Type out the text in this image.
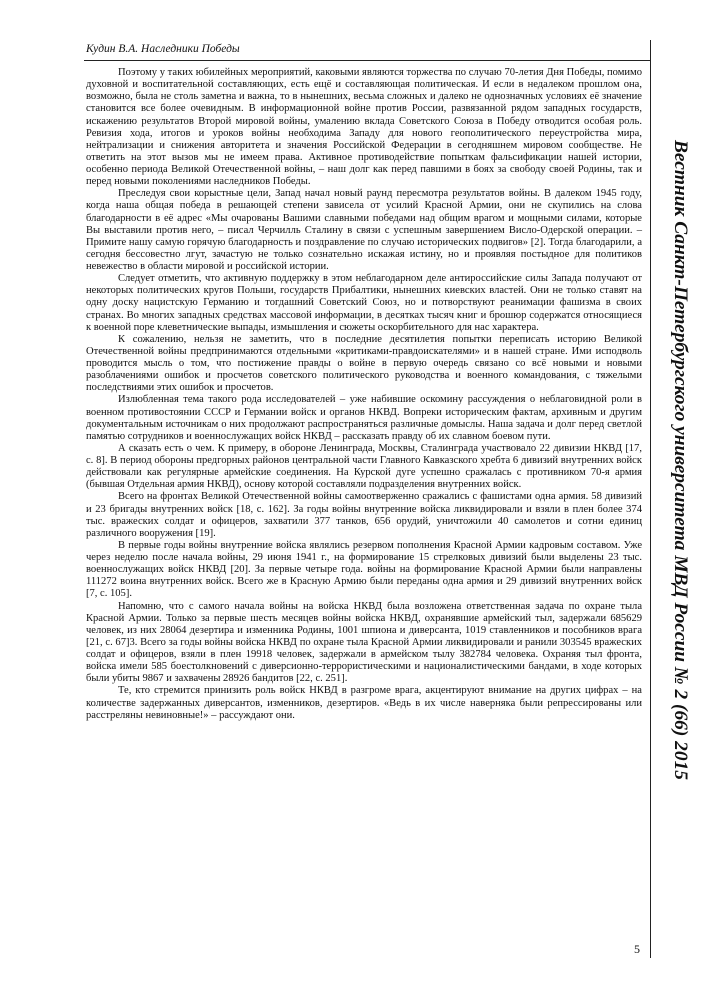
Кудин В.А. Наследники Победы
Вестник Санкт-Петербургского университета МВД России № 2 (66) 2015

Поэтому у таких юбилейных мероприятий, каковыми являются торжества по случаю 70-летия Дня Победы, помимо духовной и воспитательной составляющих, есть ещё и составляющая политическая. И если в недалеком прошлом она, возможно, была не столь заметна и важна, то в нынешних, весьма сложных и далеко не однозначных условиях её значение становится все более очевидным. В информационной войне против России, развязанной рядом западных государств, искажению результатов Второй мировой войны, умалению вклада Советского Союза в Победу отводится особая роль. Ревизия хода, итогов и уроков войны необходима Западу для нового геополитического переустройства мира, нейтрализации и снижения авторитета и значения Российской Федерации в сегодняшнем мировом сообществе. Не ответить на этот вызов мы не имеем права. Активное противодействие попыткам фальсификации нашей истории, особенно периода Великой Отечественной войны, – наш долг как перед павшими в боях за свободу своей Родины, так и перед новыми поколениями наследников Победы.

Преследуя свои корыстные цели, Запад начал новый раунд пересмотра результатов войны. В далеком 1945 году, когда наша общая победа в решающей степени зависела от усилий Красной Армии, они не скупились на слова благодарности в её адрес «Мы очарованы Вашими славными победами над общим врагом и мощными силами, которые Вы выставили против него, – писал Черчилль Сталину в связи с успешным завершением Висло-Одерской операции. – Примите нашу самую горячую благодарность и поздравление по случаю исторических подвигов» [2]. Тогда благодарили, а сегодня бессовестно лгут, зачастую не только сознательно искажая истину, но и проявляя постыдное для политиков невежество в области мировой и российской истории.

Следует отметить, что активную поддержку в этом неблагодарном деле антироссийские силы Запада получают от некоторых политических кругов Польши, государств Прибалтики, нынешних киевских властей. Они не только ставят на одну доску нацистскую Германию и тогдашний Советский Союз, но и потворствуют реанимации фашизма в своих странах. Во многих западных средствах массовой информации, в десятках тысяч книг и брошюр содержатся относящиеся к военной поре клеветнические выпады, измышления и сюжеты оскорбительного для нас характера.

К сожалению, нельзя не заметить, что в последние десятилетия попытки переписать историю Великой Отечественной войны предпринимаются отдельными «критиками-правдоискателями» и в нашей стране. Ими исподволь проводится мысль о том, что постижение правды о войне в первую очередь связано со всё новыми и новыми разоблачениями ошибок и просчетов советского политического руководства и военного командования, с тяжелыми последствиями этих ошибок и просчетов.

Излюбленная тема такого рода исследователей – уже набившие оскомину рассуждения о неблаговидной роли в военном противостоянии СССР и Германии войск и органов НКВД. Вопреки историческим фактам, архивным и другим документальным источникам о них продолжают распространяться различные домыслы. Наша задача и долг перед светлой памятью сотрудников и военнослужащих войск НКВД – рассказать правду об их славном боевом пути.

А сказать есть о чем. К примеру, в обороне Ленинграда, Москвы, Сталинграда участвовало 22 дивизии НКВД [17, с. 8]. В период обороны предгорных районов центральной части Главного Кавказского хребта 6 дивизий внутренних войск действовали как регулярные армейские соединения. На Курской дуге успешно сражалась с противником 70-я армия (бывшая Отдельная армия НКВД), основу которой составляли подразделения внутренних войск.

Всего на фронтах Великой Отечественной войны самоотверженно сражались с фашистами одна армия. 58 дивизий и 23 бригады внутренних войск [18, с. 162]. За годы войны внутренние войска ликвидировали и взяли в плен более 374 тыс. вражеских солдат и офицеров, захватили 377 танков, 656 орудий, уничтожили 40 самолетов и сотни единиц различного вооружения [19].

В первые годы войны внутренние войска являлись резервом пополнения Красной Армии кадровым составом. Уже через неделю после начала войны, 29 июня 1941 г., на формирование 15 стрелковых дивизий были выделены 23 тыс. военнослужащих войск НКВД [20]. За первые четыре года. войны на формирование Красной Армии были направлены 111272 воина внутренних войск. Всего же в Красную Армию были переданы одна армия и 29 дивизий внутренних войск [7, с. 105].

Напомню, что с самого начала войны на войска НКВД была возложена ответственная задача по охране тыла Красной Армии. Только за первые шесть месяцев войны войска НКВД, охранявшие армейский тыл, задержали 685629 человек, из них 28064 дезертира и изменника Родины, 1001 шпиона и диверсанта, 1019 ставленников и пособников врага [21, с. 67]3. Всего за годы войны войска НКВД по охране тыла Красной Армии ликвидировали и ранили 303545 вражеских солдат и офицеров, взяли в плен 19918 человек, задержали в армейском тылу 382784 человека. Охраняя тыл фронта, войска имели 585 боестолкновений с диверсионно-террористическими и националистическими бандами, в ходе которых были убиты 9867 и захвачены 28926 бандитов [22, с. 251].

Те, кто стремится принизить роль войск НКВД в разгроме врага, акцентируют внимание на других цифрах – на количестве задержанных диверсантов, изменников, дезертиров. «Ведь в их числе наверняка были репрессированы или расстреляны невиновные!» – рассуждают они.

5
